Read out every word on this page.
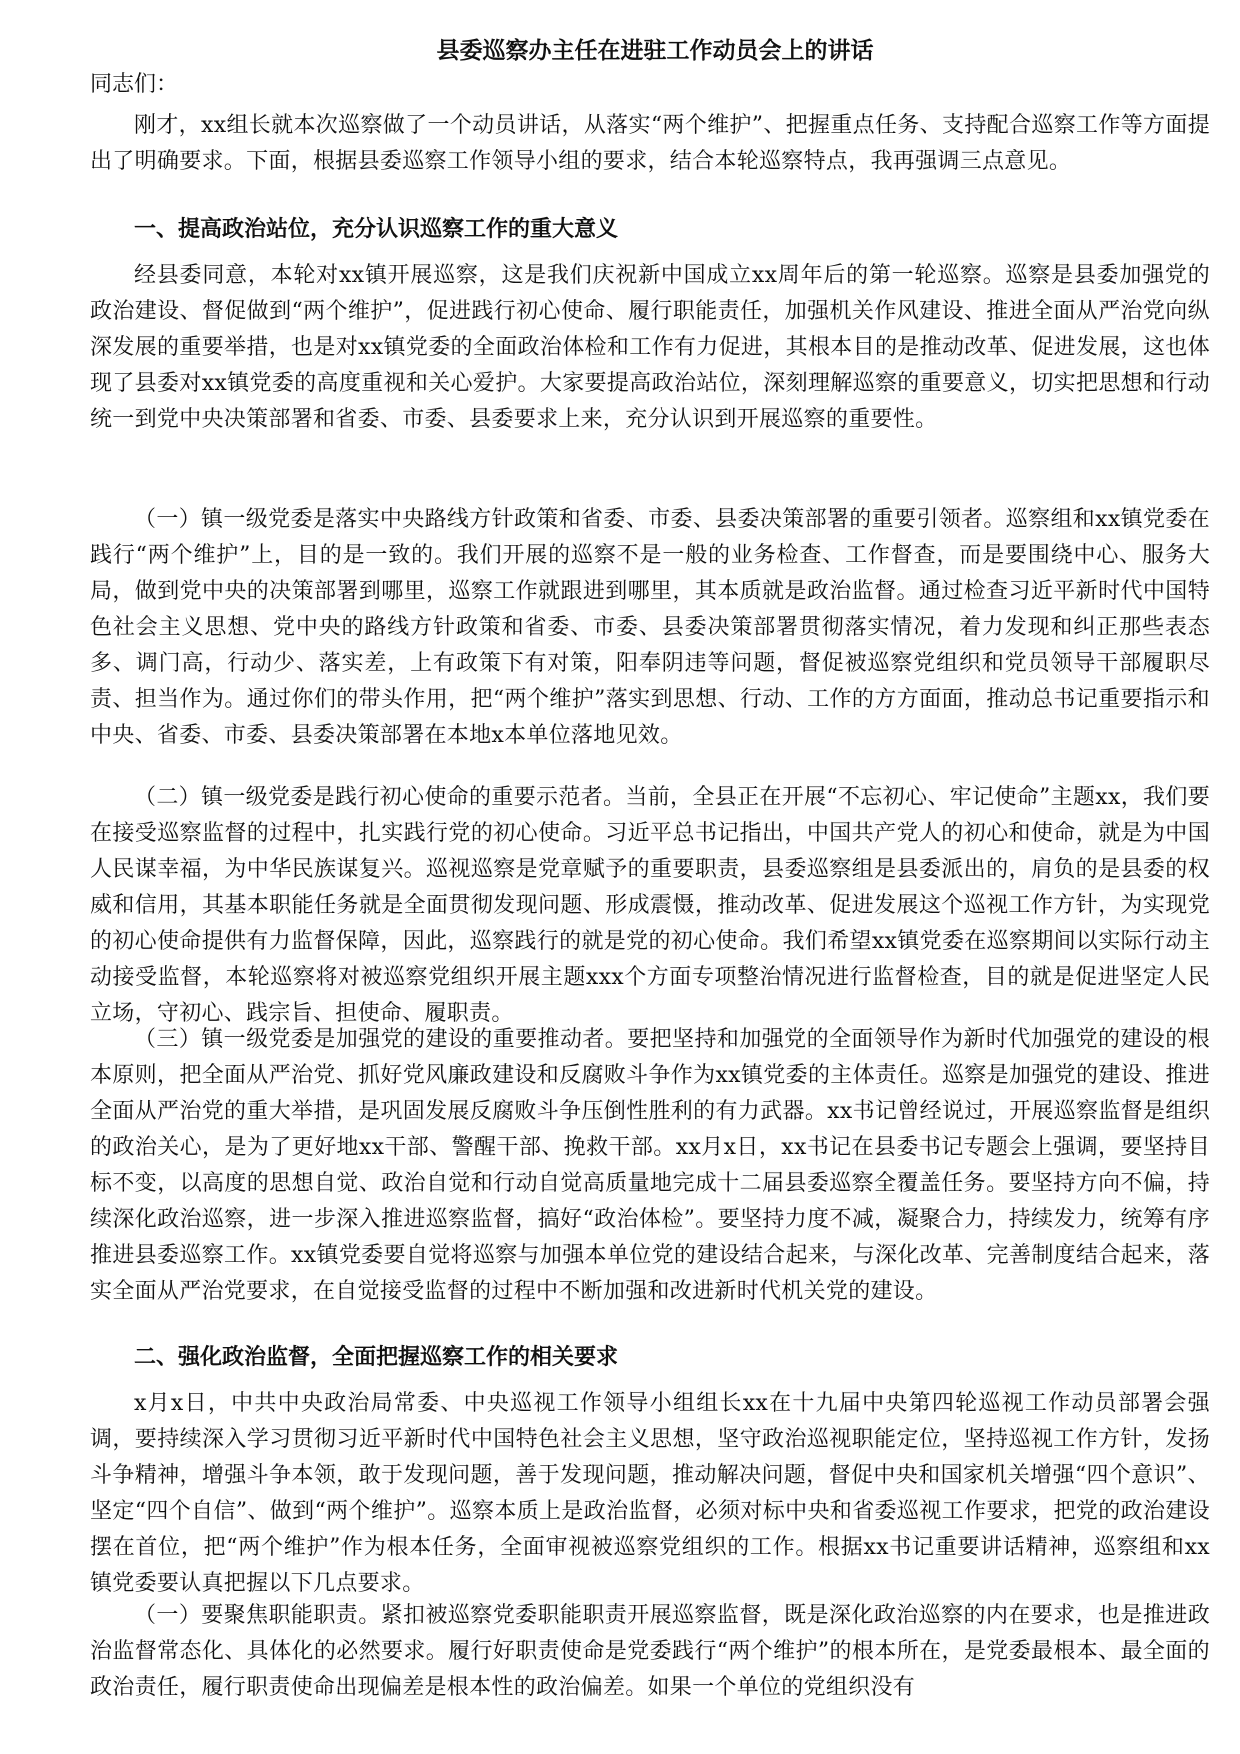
县委巡察办主任在进驻工作动员会上的讲话
同志们：
刚才，xx组长就本次巡察做了一个动员讲话，从落实“两个维护”、把握重点任务、支持配合巡察工作等方面提出了明确要求。下面，根据县委巡察工作领导小组的要求，结合本轮巡察特点，我再强调三点意见。
一、提高政治站位，充分认识巡察工作的重大意义
经县委同意，本轮对xx镇开展巡察，这是我们庆祝新中国成立xx周年后的第一轮巡察。巡察是县委加强党的政治建设、督促做到“两个维护”，促进践行初心使命、履行职能责任，加强机关作风建设、推进全面从严治党向纵深发展的重要举措，也是对xx镇党委的全面政治体检和工作有力促进，其根本目的是推动改革、促进发展，这也体现了县委对xx镇党委的高度重视和关心爱护。大家要提高政治站位，深刻理解巡察的重要意义，切实把思想和行动统一到党中央决策部署和省委、市委、县委要求上来，充分认识到开展巡察的重要性。
（一）镇一级党委是落实中央路线方针政策和省委、市委、县委决策部署的重要引领者。巡察组和xx镇党委在践行“两个维护”上，目的是一致的。我们开展的巡察不是一般的业务检查、工作督查，而是要围绕中心、服务大局，做到党中央的决策部署到哪里，巡察工作就跟进到哪里，其本质就是政治监督。通过检查习近平新时代中国特色社会主义思想、党中央的路线方针政策和省委、市委、县委决策部署贯彻落实情况，着力发现和纠正那些表态多、调门高，行动少、落实差，上有政策下有对策，阳奉阴违等问题，督促被巡察党组织和党员领导干部履职尽责、担当作为。通过你们的带头作用，把“两个维护”落实到思想、行动、工作的方方面面，推动总书记重要指示和中央、省委、市委、县委决策部署在本地x本单位落地见效。
（二）镇一级党委是践行初心使命的重要示范者。当前，全县正在开展“不忘初心、牢记使命”主题xx，我们要在接受巡察监督的过程中，扎实践行党的初心使命。习近平总书记指出，中国共产党人的初心和使命，就是为中国人民谋幸福，为中华民族谋复兴。巡视巡察是党章赋予的重要职责，县委巡察组是县委派出的，肩负的是县委的权威和信用，其基本职能任务就是全面贯彻发现问题、形成震慑，推动改革、促进发展这个巡视工作方针，为实现党的初心使命提供有力监督保障，因此，巡察践行的就是党的初心使命。我们希望xx镇党委在巡察期间以实际行动主动接受监督，本轮巡察将对被巡察党组织开展主题xxx个方面专项整治情况进行监督检查，目的就是促进坚定人民立场，守初心、践宗旨、担使命、履职责。
（三）镇一级党委是加强党的建设的重要推动者。要把坚持和加强党的全面领导作为新时代加强党的建设的根本原则，把全面从严治党、抓好党风廉政建设和反腐败斗争作为xx镇党委的主体责任。巡察是加强党的建设、推进全面从严治党的重大举措，是巩固发展反腐败斗争压倒性胜利的有力武器。xx书记曾经说过，开展巡察监督是组织的政治关心，是为了更好地xx干部、警醒干部、挽救干部。xx月x日，xx书记在县委书记专题会上强调，要坚持目标不变，以高度的思想自觉、政治自觉和行动自觉高质量地完成十二届县委巡察全覆盖任务。要坚持方向不偏，持续深化政治巡察，进一步深入推进巡察监督，搞好“政治体检”。要坚持力度不减，凝聚合力，持续发力，统筹有序推进县委巡察工作。xx镇党委要自觉将巡察与加强本单位党的建设结合起来，与深化改革、完善制度结合起来，落实全面从严治党要求，在自觉接受监督的过程中不断加强和改进新时代机关党的建设。
二、强化政治监督，全面把握巡察工作的相关要求
x月x日，中共中央政治局常委、中央巡视工作领导小组组长xx在十九届中央第四轮巡视工作动员部署会强调，要持续深入学习贯彻习近平新时代中国特色社会主义思想，坚守政治巡视职能定位，坚持巡视工作方针，发扬斗争精神，增强斗争本领，敢于发现问题，善于发现问题，推动解决问题，督促中央和国家机关增强“四个意识”、坚定“四个自信”、做到“两个维护”。巡察本质上是政治监督，必须对标中央和省委巡视工作要求，把党的政治建设摆在首位，把“两个维护”作为根本任务，全面审视被巡察党组织的工作。根据xx书记重要讲话精神，巡察组和xx镇党委要认真把握以下几点要求。
（一）要聚焦职能职责。紧扣被巡察党委职能职责开展巡察监督，既是深化政治巡察的内在要求，也是推进政治监督常态化、具体化的必然要求。履行好职责使命是党委践行“两个维护”的根本所在，是党委最根本、最全面的政治责任，履行职责使命出现偏差是根本性的政治偏差。如果一个单位的党组织没有
